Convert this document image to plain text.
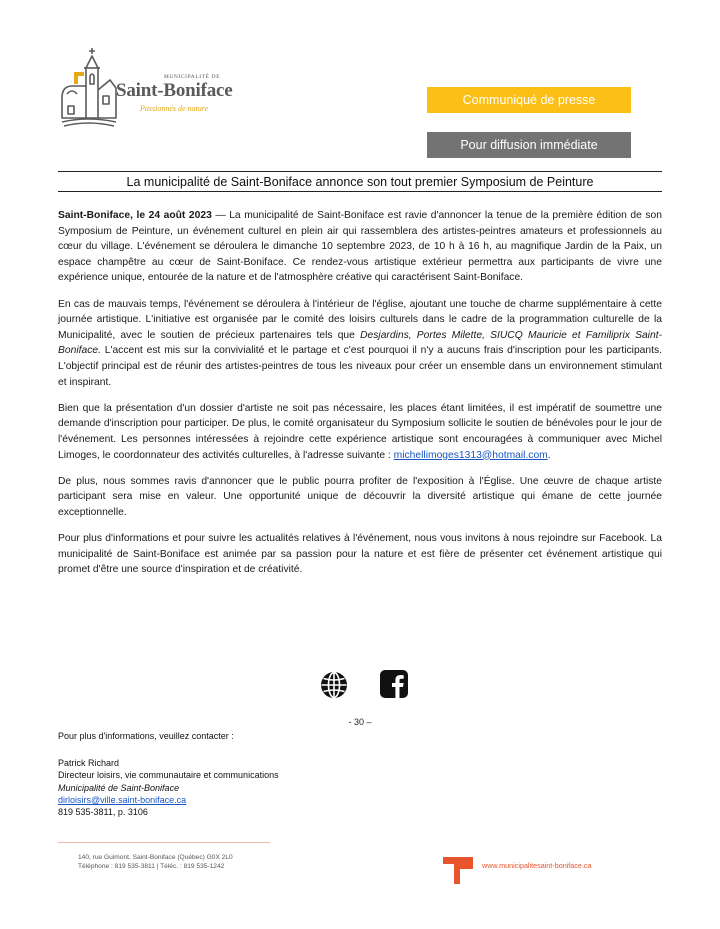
MUNICIPALITÉ DE
Saint-Boniface
Passionnés de nature
Communiqué de presse
Pour diffusion immédiate
La municipalité de Saint-Boniface annonce son tout premier Symposium de Peinture

Saint-Boniface, le 24 août 2023 — La municipalité de Saint-Boniface est ravie d'annoncer la tenue de la première édition de son Symposium de Peinture, un événement culturel en plein air qui rassemblera des artistes-peintres amateurs et professionnels au cœur du village. L'événement se déroulera le dimanche 10 septembre 2023, de 10 h à 16 h, au magnifique Jardin de la Paix, un espace champêtre au cœur de Saint-Boniface. Ce rendez-vous artistique extérieur permettra aux participants de vivre une expérience unique, entourée de la nature et de l'atmosphère créative qui caractérisent Saint-Boniface.

En cas de mauvais temps, l'événement se déroulera à l'intérieur de l'église, ajoutant une touche de charme supplémentaire à cette journée artistique. L'initiative est organisée par le comité des loisirs culturels dans le cadre de la programmation culturelle de la Municipalité, avec le soutien de précieux partenaires tels que Desjardins, Portes Milette, SIUCQ Mauricie et Familiprix Saint-Boniface. L'accent est mis sur la convivialité et le partage et c'est pourquoi il n'y a aucuns frais d'inscription pour les participants. L'objectif principal est de réunir des artistes-peintres de tous les niveaux pour créer un ensemble dans un environnement stimulant et inspirant.

Bien que la présentation d'un dossier d'artiste ne soit pas nécessaire, les places étant limitées, il est impératif de soumettre une demande d'inscription pour participer. De plus, le comité organisateur du Symposium sollicite le soutien de bénévoles pour le jour de l'événement. Les personnes intéressées à rejoindre cette expérience artistique sont encouragées à communiquer avec Michel Limoges, le coordonnateur des activités culturelles, à l'adresse suivante : michellimoges1313@hotmail.com.

De plus, nous sommes ravis d'annoncer que le public pourra profiter de l'exposition à l'Église. Une œuvre de chaque artiste participant sera mise en valeur. Une opportunité unique de découvrir la diversité artistique qui émane de cette journée exceptionnelle.

Pour plus d'informations et pour suivre les actualités relatives à l'événement, nous vous invitons à nous rejoindre sur Facebook. La municipalité de Saint-Boniface est animée par sa passion pour la nature et est fière de présenter cet événement artistique qui promet d'être une source d'inspiration et de créativité.

- 30 –
Pour plus d'informations, veuillez contacter :
Patrick Richard
Directeur loisirs, vie communautaire et communications
Municipalité de Saint-Boniface
dirloisirs@ville.saint-boniface.ca
819 535-3811, p. 3106
140, rue Guimont, Saint-Boniface (Québec) G0X 2L0
Téléphone : 819 535-3811 | Téléc. : 819 535-1242	www.municipalitesaint-boniface.ca
